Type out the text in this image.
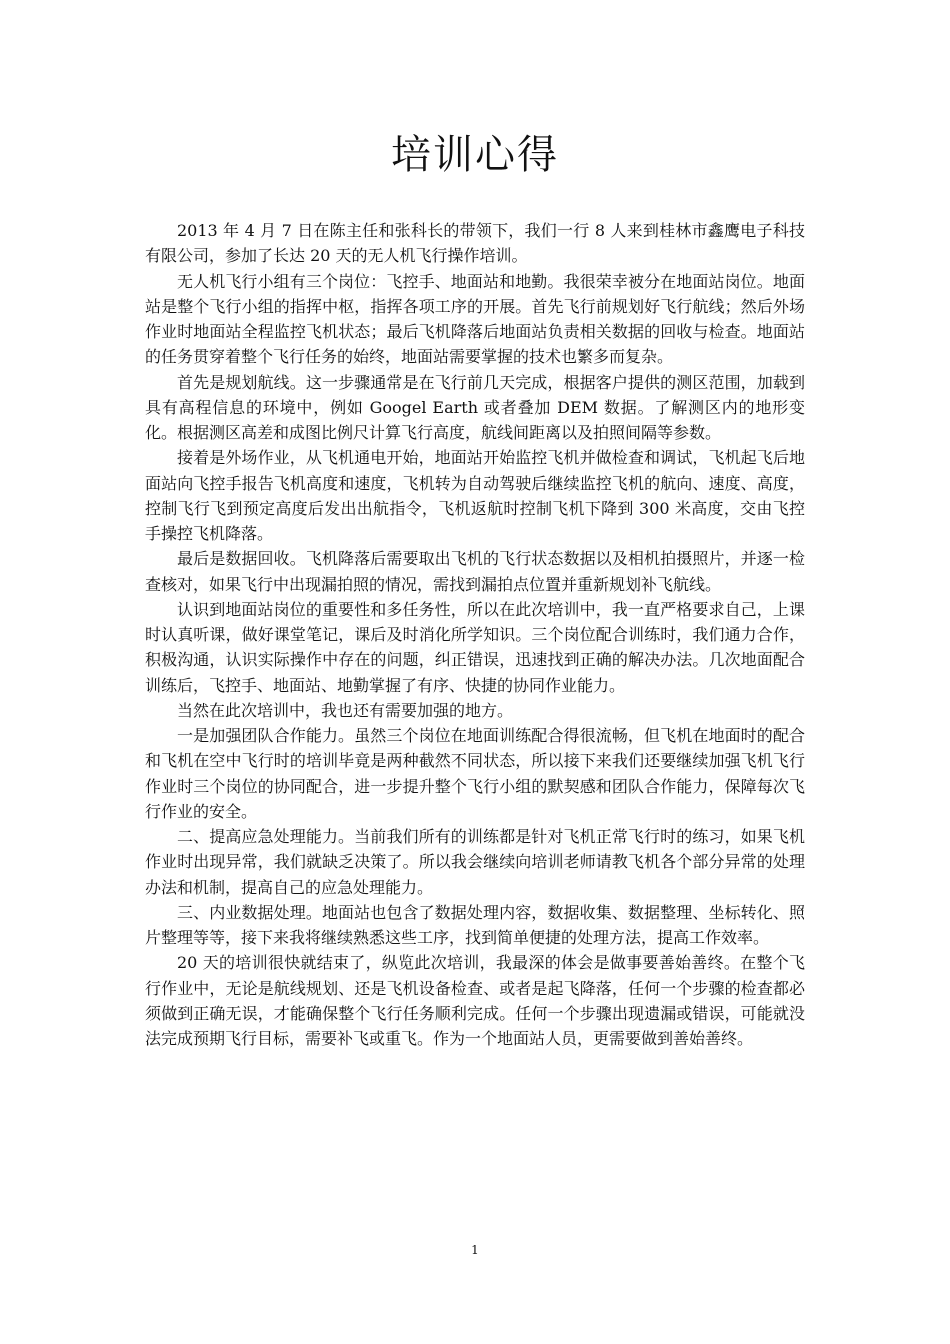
培训心得

2013 年 4 月 7 日在陈主任和张科长的带领下，我们一行 8 人来到桂林市鑫鹰电子科技有限公司，参加了长达 20 天的无人机飞行操作培训。

无人机飞行小组有三个岗位：飞控手、地面站和地勤。我很荣幸被分在地面站岗位。地面站是整个飞行小组的指挥中枢，指挥各项工序的开展。首先飞行前规划好飞行航线；然后外场作业时地面站全程监控飞机状态；最后飞机降落后地面站负责相关数据的回收与检查。地面站的任务贯穿着整个飞行任务的始终，地面站需要掌握的技术也繁多而复杂。

首先是规划航线。这一步骤通常是在飞行前几天完成，根据客户提供的测区范围，加载到具有高程信息的环境中，例如 Googel Earth 或者叠加 DEM 数据。了解测区内的地形变化。根据测区高差和成图比例尺计算飞行高度，航线间距离以及拍照间隔等参数。

接着是外场作业，从飞机通电开始，地面站开始监控飞机并做检查和调试，飞机起飞后地面站向飞控手报告飞机高度和速度，飞机转为自动驾驶后继续监控飞机的航向、速度、高度，控制飞行飞到预定高度后发出出航指令，飞机返航时控制飞机下降到 300 米高度，交由飞控手操控飞机降落。

最后是数据回收。飞机降落后需要取出飞机的飞行状态数据以及相机拍摄照片，并逐一检查核对，如果飞行中出现漏拍照的情况，需找到漏拍点位置并重新规划补飞航线。

认识到地面站岗位的重要性和多任务性，所以在此次培训中，我一直严格要求自己，上课时认真听课，做好课堂笔记，课后及时消化所学知识。三个岗位配合训练时，我们通力合作，积极沟通，认识实际操作中存在的问题，纠正错误，迅速找到正确的解决办法。几次地面配合训练后，飞控手、地面站、地勤掌握了有序、快捷的协同作业能力。

当然在此次培训中，我也还有需要加强的地方。

一是加强团队合作能力。虽然三个岗位在地面训练配合得很流畅，但飞机在地面时的配合和飞机在空中飞行时的培训毕竟是两种截然不同状态，所以接下来我们还要继续加强飞机飞行作业时三个岗位的协同配合，进一步提升整个飞行小组的默契感和团队合作能力，保障每次飞行作业的安全。

二、提高应急处理能力。当前我们所有的训练都是针对飞机正常飞行时的练习，如果飞机作业时出现异常，我们就缺乏决策了。所以我会继续向培训老师请教飞机各个部分异常的处理办法和机制，提高自己的应急处理能力。

三、内业数据处理。地面站也包含了数据处理内容，数据收集、数据整理、坐标转化、照片整理等等，接下来我将继续熟悉这些工序，找到简单便捷的处理方法，提高工作效率。

20 天的培训很快就结束了，纵览此次培训，我最深的体会是做事要善始善终。在整个飞行作业中，无论是航线规划、还是飞机设备检查、或者是起飞降落，任何一个步骤的检查都必须做到正确无误，才能确保整个飞行任务顺利完成。任何一个步骤出现遗漏或错误，可能就没法完成预期飞行目标，需要补飞或重飞。作为一个地面站人员，更需要做到善始善终。

1
